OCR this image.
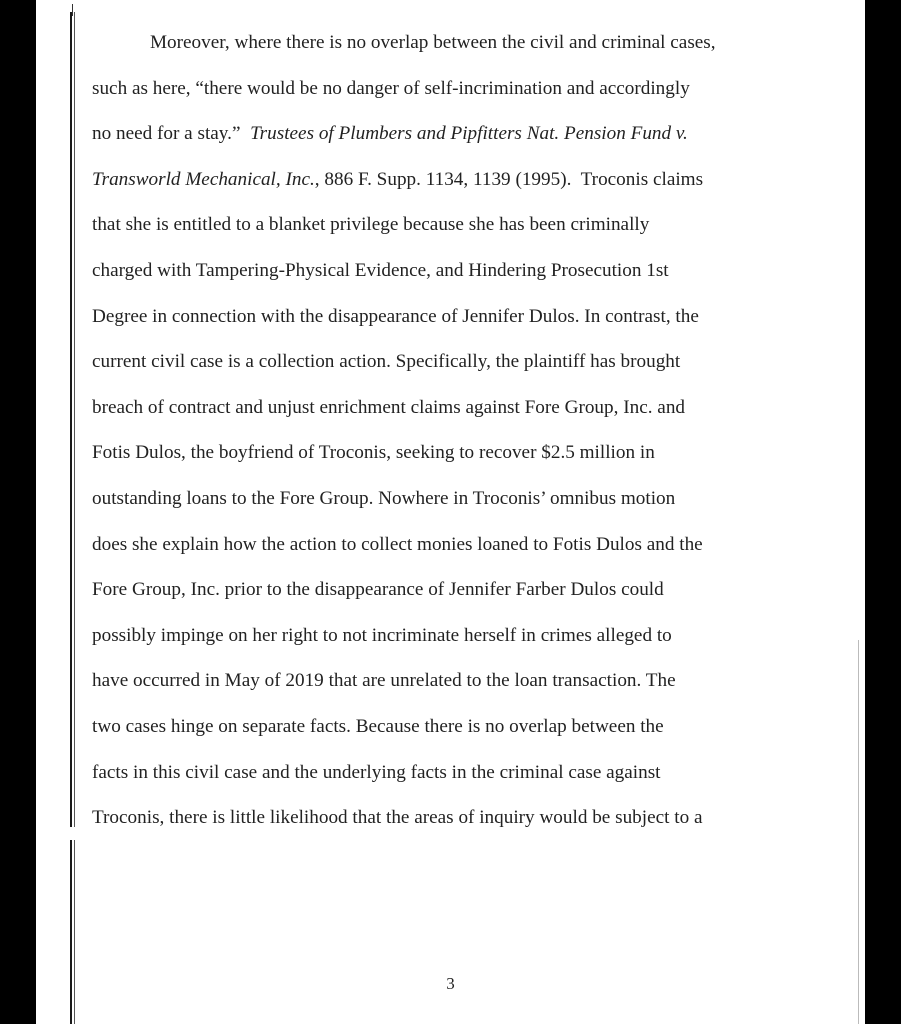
Moreover, where there is no overlap between the civil and criminal cases,
such as here, “there would be no danger of self-incrimination and accordingly
no need for a stay.”  Trustees of Plumbers and Pipfitters Nat. Pension Fund v.
Transworld Mechanical, Inc., 886 F. Supp. 1134, 1139 (1995).  Troconis claims
that she is entitled to a blanket privilege because she has been criminally
charged with Tampering-Physical Evidence, and Hindering Prosecution 1st
Degree in connection with the disappearance of Jennifer Dulos. In contrast, the
current civil case is a collection action. Specifically, the plaintiff has brought
breach of contract and unjust enrichment claims against Fore Group, Inc. and
Fotis Dulos, the boyfriend of Troconis, seeking to recover $2.5 million in
outstanding loans to the Fore Group. Nowhere in Troconis’ omnibus motion
does she explain how the action to collect monies loaned to Fotis Dulos and the
Fore Group, Inc. prior to the disappearance of Jennifer Farber Dulos could
possibly impinge on her right to not incriminate herself in crimes alleged to
have occurred in May of 2019 that are unrelated to the loan transaction. The
two cases hinge on separate facts. Because there is no overlap between the
facts in this civil case and the underlying facts in the criminal case against
Troconis, there is little likelihood that the areas of inquiry would be subject to a
3
